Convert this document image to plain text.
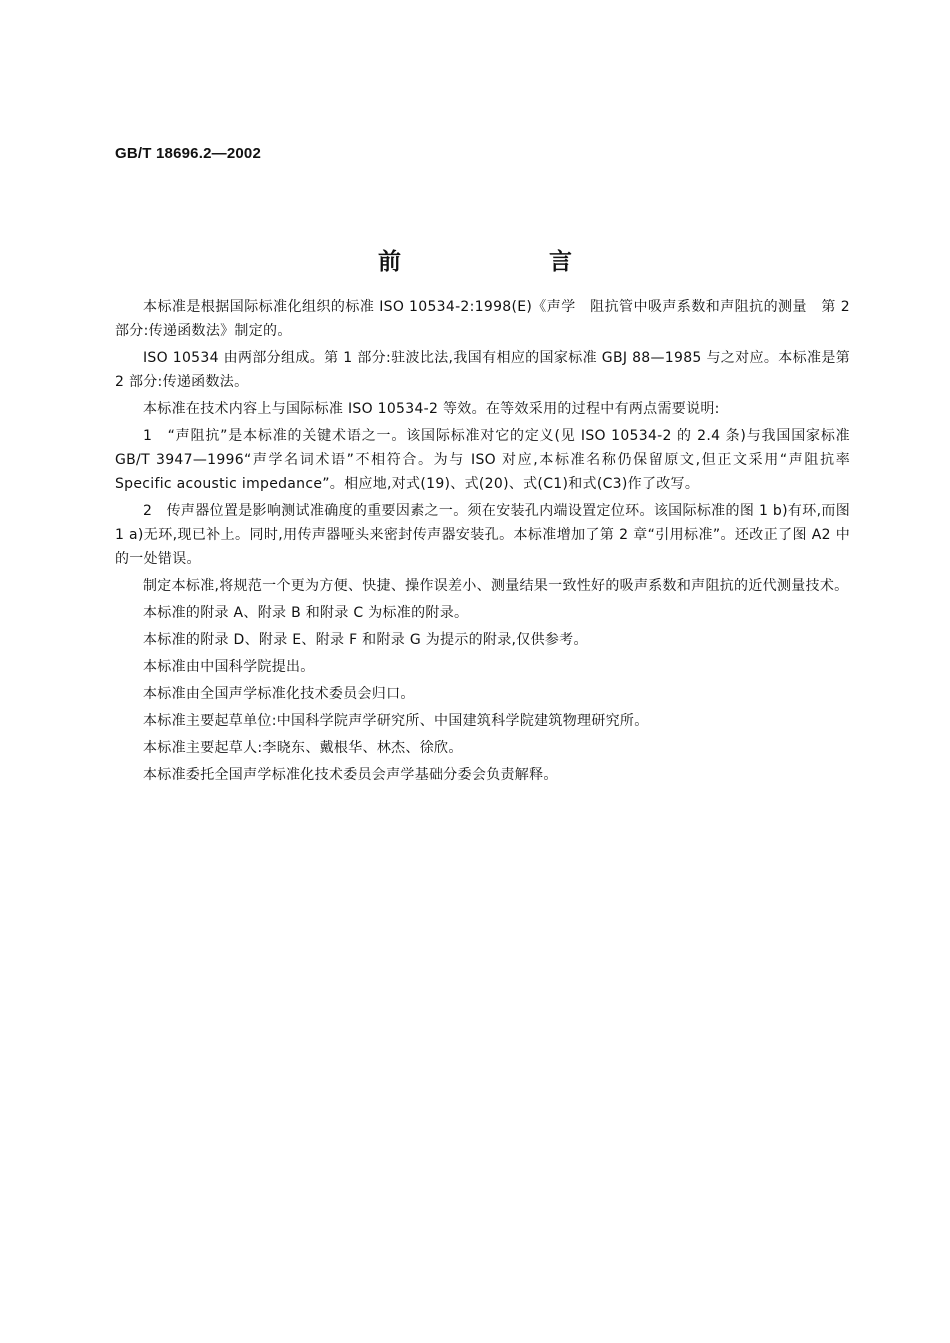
GB/T 18696.2—2002
前 言

本标准是根据国际标准化组织的标准 ISO 10534-2:1998(E)《声学　阻抗管中吸声系数和声阻抗的测量　第 2 部分:传递函数法》制定的。

ISO 10534 由两部分组成。第 1 部分:驻波比法,我国有相应的国家标准 GBJ 88—1985 与之对应。本标准是第 2 部分:传递函数法。

本标准在技术内容上与国际标准 ISO 10534-2 等效。在等效采用的过程中有两点需要说明:

1　“声阻抗”是本标准的关键术语之一。该国际标准对它的定义(见 ISO 10534-2 的 2.4 条)与我国国家标准 GB/T 3947—1996“声学名词术语”不相符合。为与 ISO 对应,本标准名称仍保留原文,但正文采用“声阻抗率 Specific acoustic impedance”。相应地,对式(19)、式(20)、式(C1)和式(C3)作了改写。

2　传声器位置是影响测试准确度的重要因素之一。须在安装孔内端设置定位环。该国际标准的图 1 b)有环,而图 1 a)无环,现已补上。同时,用传声器哑头来密封传声器安装孔。本标准增加了第 2 章“引用标准”。还改正了图 A2 中的一处错误。

制定本标准,将规范一个更为方便、快捷、操作误差小、测量结果一致性好的吸声系数和声阻抗的近代测量技术。

本标准的附录 A、附录 B 和附录 C 为标准的附录。

本标准的附录 D、附录 E、附录 F 和附录 G 为提示的附录,仅供参考。

本标准由中国科学院提出。

本标准由全国声学标准化技术委员会归口。

本标准主要起草单位:中国科学院声学研究所、中国建筑科学院建筑物理研究所。

本标准主要起草人:李晓东、戴根华、林杰、徐欣。

本标准委托全国声学标准化技术委员会声学基础分委会负责解释。
